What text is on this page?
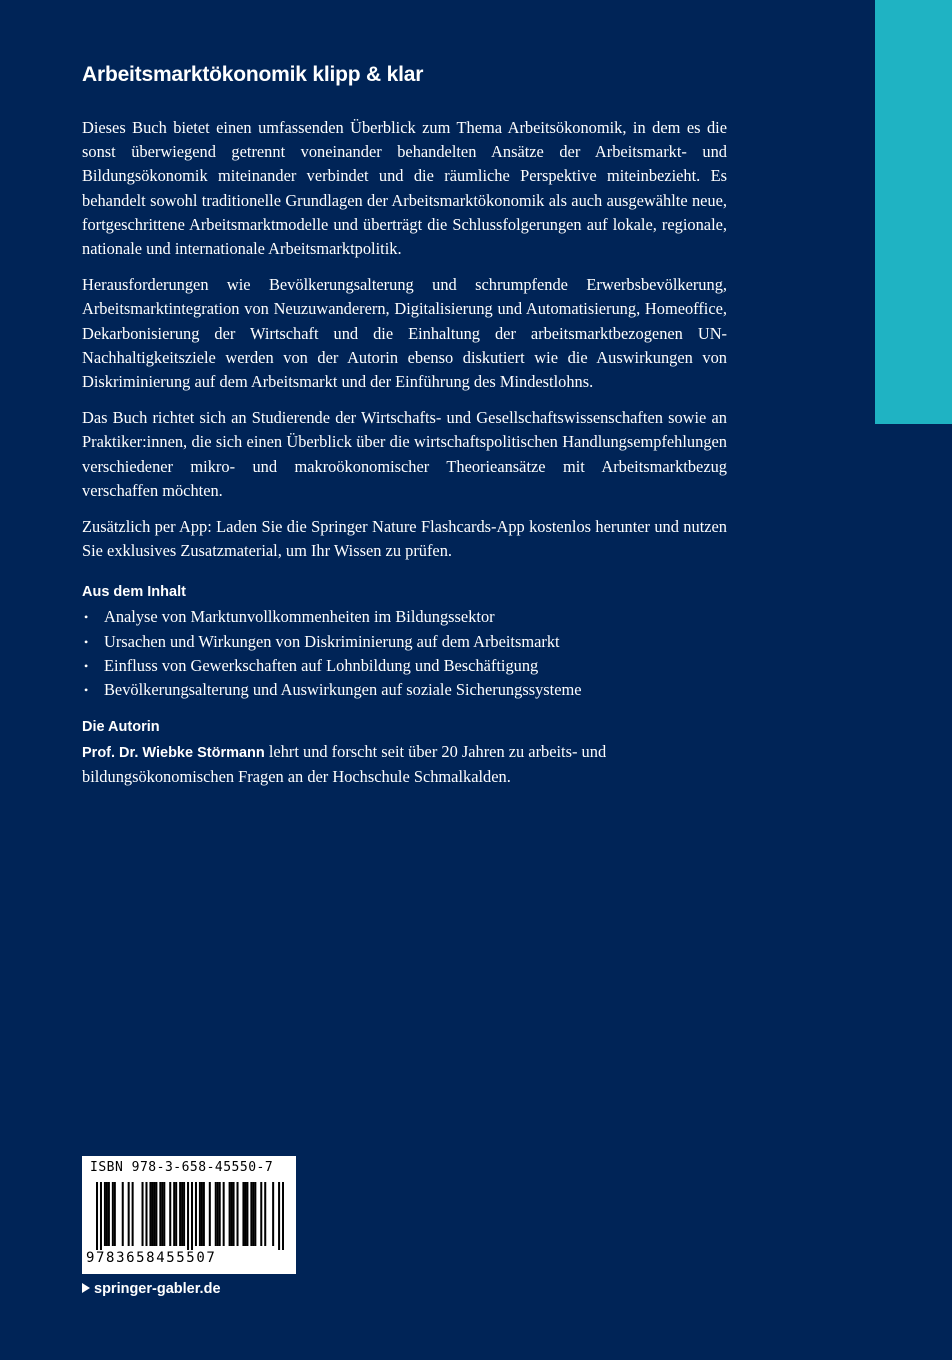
Arbeitsmarktökonomik klipp & klar

Dieses Buch bietet einen umfassenden Überblick zum Thema Arbeitsökonomik, in dem es die sonst überwiegend getrennt voneinander behandelten Ansätze der Arbeitsmarkt- und Bildungsökonomik miteinander verbindet und die räumliche Perspektive miteinbezieht. Es behandelt sowohl traditionelle Grundlagen der Arbeitsmarktökonomik als auch ausgewählte neue, fortgeschrittene Arbeitsmarktmodelle und überträgt die Schlussfolgerungen auf lokale, regionale, nationale und internationale Arbeitsmarktpolitik.

Herausforderungen wie Bevölkerungsalterung und schrumpfende Erwerbsbevölkerung, Arbeitsmarktintegration von Neuzuwanderern, Digitalisierung und Automatisierung, Homeoffice, Dekarbonisierung der Wirtschaft und die Einhaltung der arbeitsmarktbezogenen UN-Nachhaltigkeitsziele werden von der Autorin ebenso diskutiert wie die Auswirkungen von Diskriminierung auf dem Arbeitsmarkt und der Einführung des Mindestlohns.

Das Buch richtet sich an Studierende der Wirtschafts- und Gesellschaftswissenschaften sowie an Praktiker:innen, die sich einen Überblick über die wirtschaftspolitischen Handlungsempfehlungen verschiedener mikro- und makroökonomischer Theorieansätze mit Arbeitsmarktbezug verschaffen möchten.

Zusätzlich per App: Laden Sie die Springer Nature Flashcards-App kostenlos herunter und nutzen Sie exklusives Zusatzmaterial, um Ihr Wissen zu prüfen.

Aus dem Inhalt
• Analyse von Marktunvollkommenheiten im Bildungssektor
• Ursachen und Wirkungen von Diskriminierung auf dem Arbeitsmarkt
• Einfluss von Gewerkschaften auf Lohnbildung und Beschäftigung
• Bevölkerungsalterung und Auswirkungen auf soziale Sicherungssysteme
Die Autorin

Prof. Dr. Wiebke Störmann lehrt und forscht seit über 20 Jahren zu arbeits- und bildungsökonomischen Fragen an der Hochschule Schmalkalden.

ISBN 978-3-658-45550-7
9783658455507
springer-gabler.de
